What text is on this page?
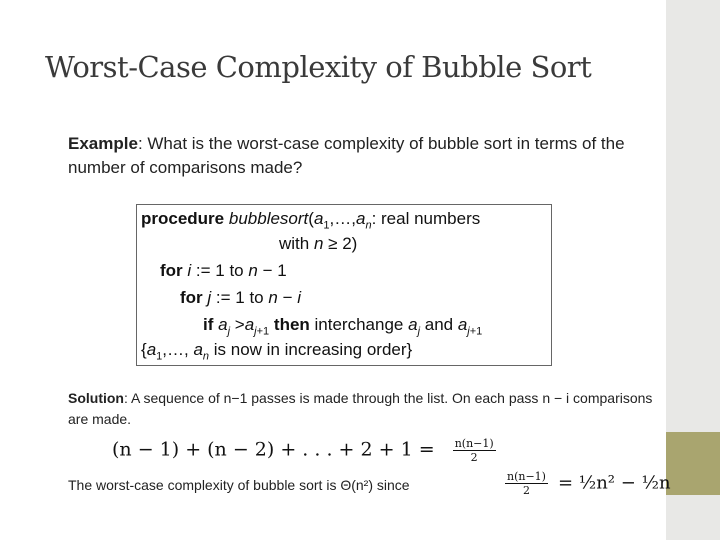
Worst-Case Complexity of Bubble Sort
Example: What is the worst-case complexity of bubble sort in terms of the number of comparisons made?
procedure $bubblesort(a_1,\dots,a_n$: real numbers
with n ≥ 2)
for i := 1 to n − 1
for j := 1 to n − i
if $a_j >a_{j+1}$ then interchange $a_j$ and $a_{j+1}$
{$a_1,\dots$, $a_n$ is now in increasing order}
Solution: A sequence of n−1 passes is made through the list. On each pass n − i comparisons are made.
(n − 1) + (n − 2) + . . . + $2 + 1 = \frac{n(n-1)}{2}$
The worst-case complexity of bubble sort is Θ(n²) since	$\frac{n(n-1)}{2}$ = ½n² − ½n
